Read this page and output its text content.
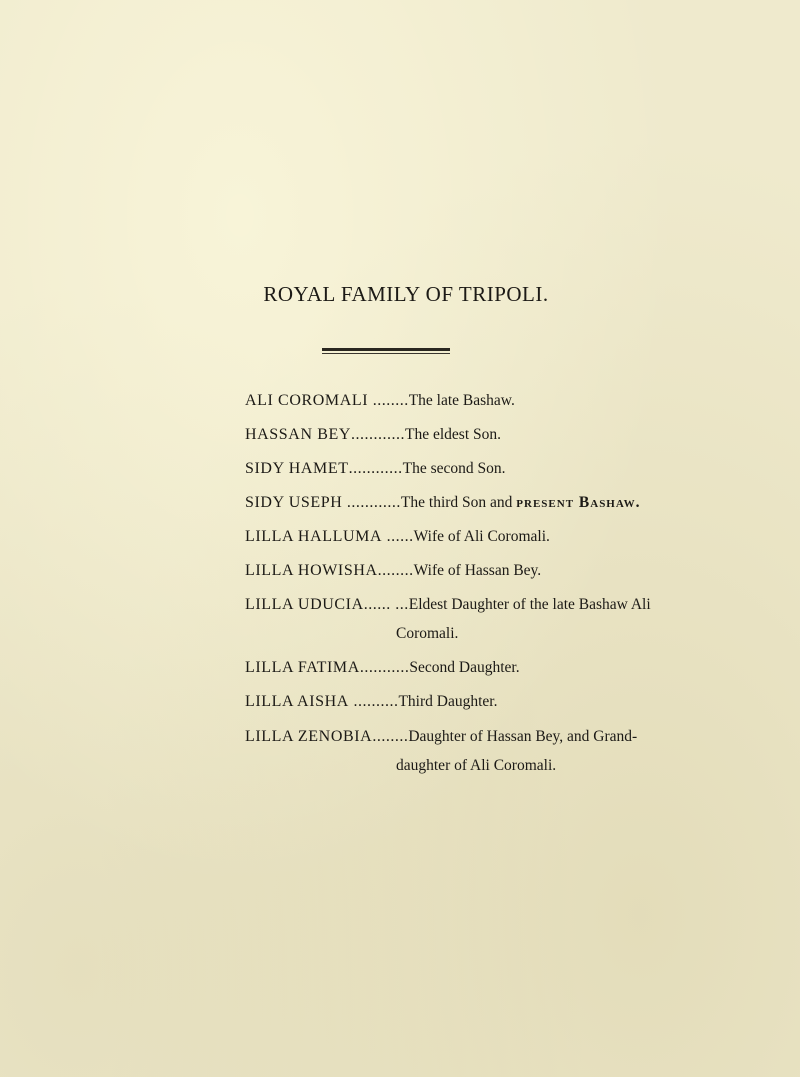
ROYAL FAMILY OF TRIPOLI.
ALI COROMALI ........The late Bashaw.
HASSAN BEY............The eldest Son.
SIDY HAMET............The second Son.
SIDY USEPH ............The third Son and present Bashaw.
LILLA HALLUMA ......Wife of Ali Coromali.
LILLA HOWISHA........Wife of Hassan Bey.
LILLA UDUCIA...... ...Eldest Daughter of the late Bashaw Ali
Coromali.
LILLA FATIMA...........Second Daughter.
LILLA AISHA ..........Third Daughter.
LILLA ZENOBIA........Daughter of Hassan Bey, and Grand-
daughter of Ali Coromali.
